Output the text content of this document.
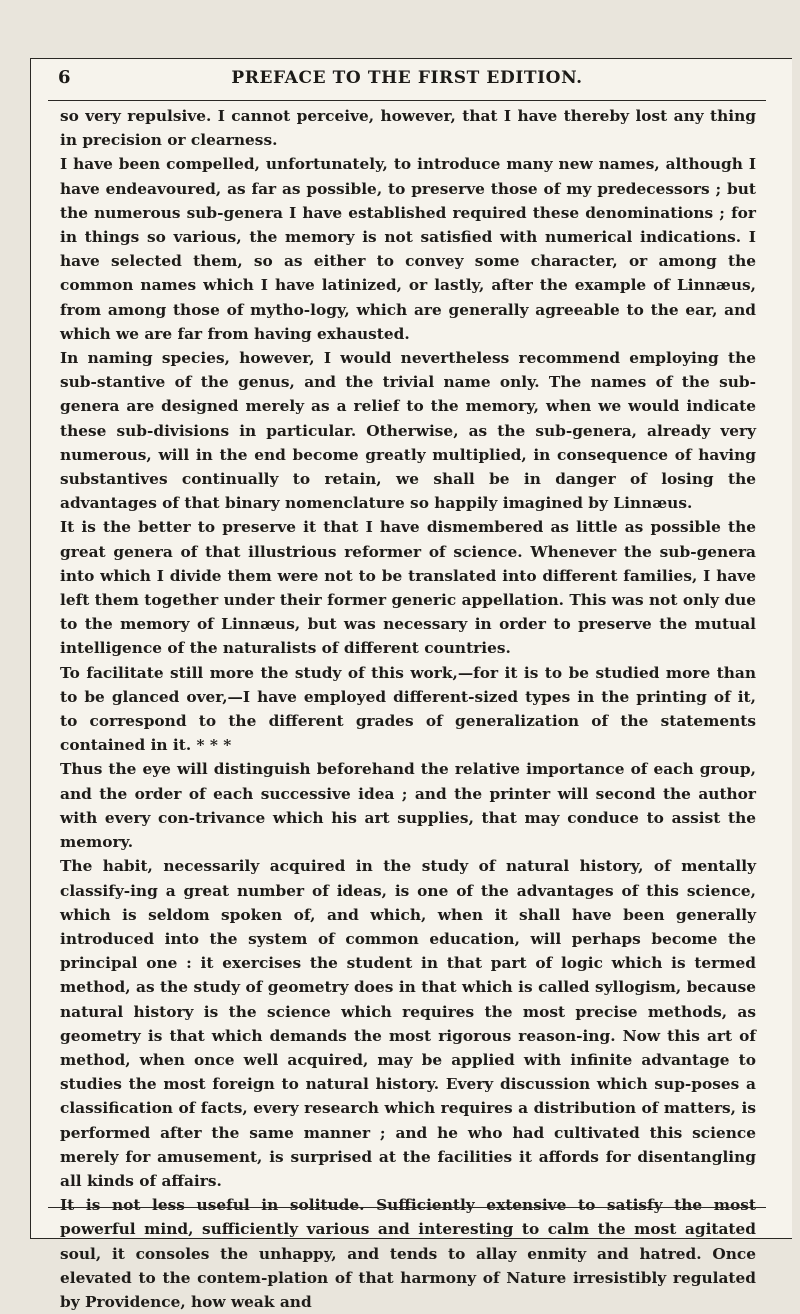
6	PREFACE TO THE FIRST EDITION.

so very repulsive. I cannot perceive, however, that I have thereby lost any thing in precision or clearness.

I have been compelled, unfortunately, to introduce many new names, although I have endeavoured, as far as possible, to preserve those of my predecessors ; but the numerous sub-genera I have established required these denominations ; for in things so various, the memory is not satisfied with numerical indications. I have selected them, so as either to convey some character, or among the common names which I have latinized, or lastly, after the example of Linnæus, from among those of mytho-logy, which are generally agreeable to the ear, and which we are far from having exhausted.

In naming species, however, I would nevertheless recommend employing the sub-stantive of the genus, and the trivial name only. The names of the sub-genera are designed merely as a relief to the memory, when we would indicate these sub-divisions in particular. Otherwise, as the sub-genera, already very numerous, will in the end become greatly multiplied, in consequence of having substantives continually to retain, we shall be in danger of losing the advantages of that binary nomenclature so happily imagined by Linnæus.

It is the better to preserve it that I have dismembered as little as possible the great genera of that illustrious reformer of science. Whenever the sub-genera into which I divide them were not to be translated into different families, I have left them together under their former generic appellation. This was not only due to the memory of Linnæus, but was necessary in order to preserve the mutual intelligence of the naturalists of different countries.

To facilitate still more the study of this work,—for it is to be studied more than to be glanced over,—I have employed different-sized types in the printing of it, to correspond to the different grades of generalization of the statements contained in it. * * *

Thus the eye will distinguish beforehand the relative importance of each group, and the order of each successive idea ; and the printer will second the author with every con-trivance which his art supplies, that may conduce to assist the memory.

The habit, necessarily acquired in the study of natural history, of mentally classify-ing a great number of ideas, is one of the advantages of this science, which is seldom spoken of, and which, when it shall have been generally introduced into the system of common education, will perhaps become the principal one : it exercises the student in that part of logic which is termed method, as the study of geometry does in that which is called syllogism, because natural history is the science which requires the most precise methods, as geometry is that which demands the most rigorous reason-ing. Now this art of method, when once well acquired, may be applied with infinite advantage to studies the most foreign to natural history. Every discussion which sup-poses a classification of facts, every research which requires a distribution of matters, is performed after the same manner ; and he who had cultivated this science merely for amusement, is surprised at the facilities it affords for disentangling all kinds of affairs.

It is not less useful in solitude. Sufficiently extensive to satisfy the most powerful mind, sufficiently various and interesting to calm the most agitated soul, it consoles the unhappy, and tends to allay enmity and hatred. Once elevated to the contem-plation of that harmony of Nature irresistibly regulated by Providence, how weak and
